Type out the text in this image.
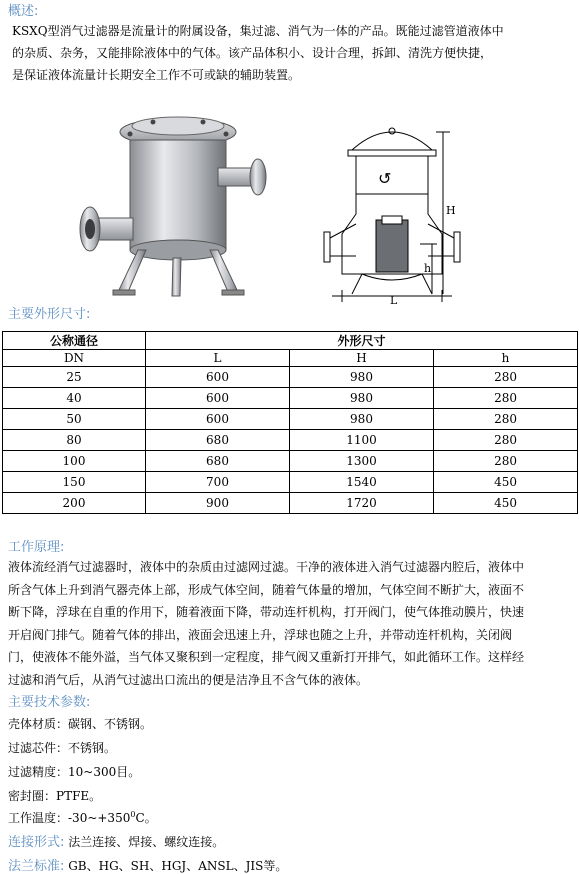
概述:
KSXQ型消气过滤器是流量计的附属设备，集过滤、消气为一体的产品。既能过滤管道液体中
的杂质、杂务，又能排除液体中的气体。该产品体积小、设计合理，拆卸、清洗方便快捷，
是保证液体流量计长期安全工作不可或缺的辅助装置。
↺
H
h
L
主要外形尺寸:
公称通径	外形尺寸		
DN	L	H	h
25	600	980	280
40	600	980	280
50	600	980	280
80	680	1100	280
100	680	1300	280
150	700	1540	450
200	900	1720	450
工作原理:
液体流经消气过滤器时，液体中的杂质由过滤网过滤。干净的液体进入消气过滤器内腔后，液体中
所含气体上升到消气器壳体上部，形成气体空间，随着气体量的增加，气体空间不断扩大，液面不
断下降，浮球在自重的作用下，随着液面下降，带动连杆机构，打开阀门，使气体推动膜片，快速
开启阀门排气。随着气体的排出，液面会迅速上升，浮球也随之上升，并带动连杆机构，关闭阀
门，使液体不能外溢，当气体又聚积到一定程度，排气阀又重新打开排气，如此循环工作。这样经
过滤和消气后，从消气过滤出口流出的便是洁净且不含气体的液体。
主要技术参数:
壳体材质：碳钢、不锈钢。
过滤芯件：不锈钢。
过滤精度：10~300目。
密封圈：PTFE。
工作温度：$-30\sim+350^0C$。
连接形式: 法兰连接、焊接、螺纹连接。
法兰标准: GB、HG、SH、HGJ、ANSL、JIS等。
